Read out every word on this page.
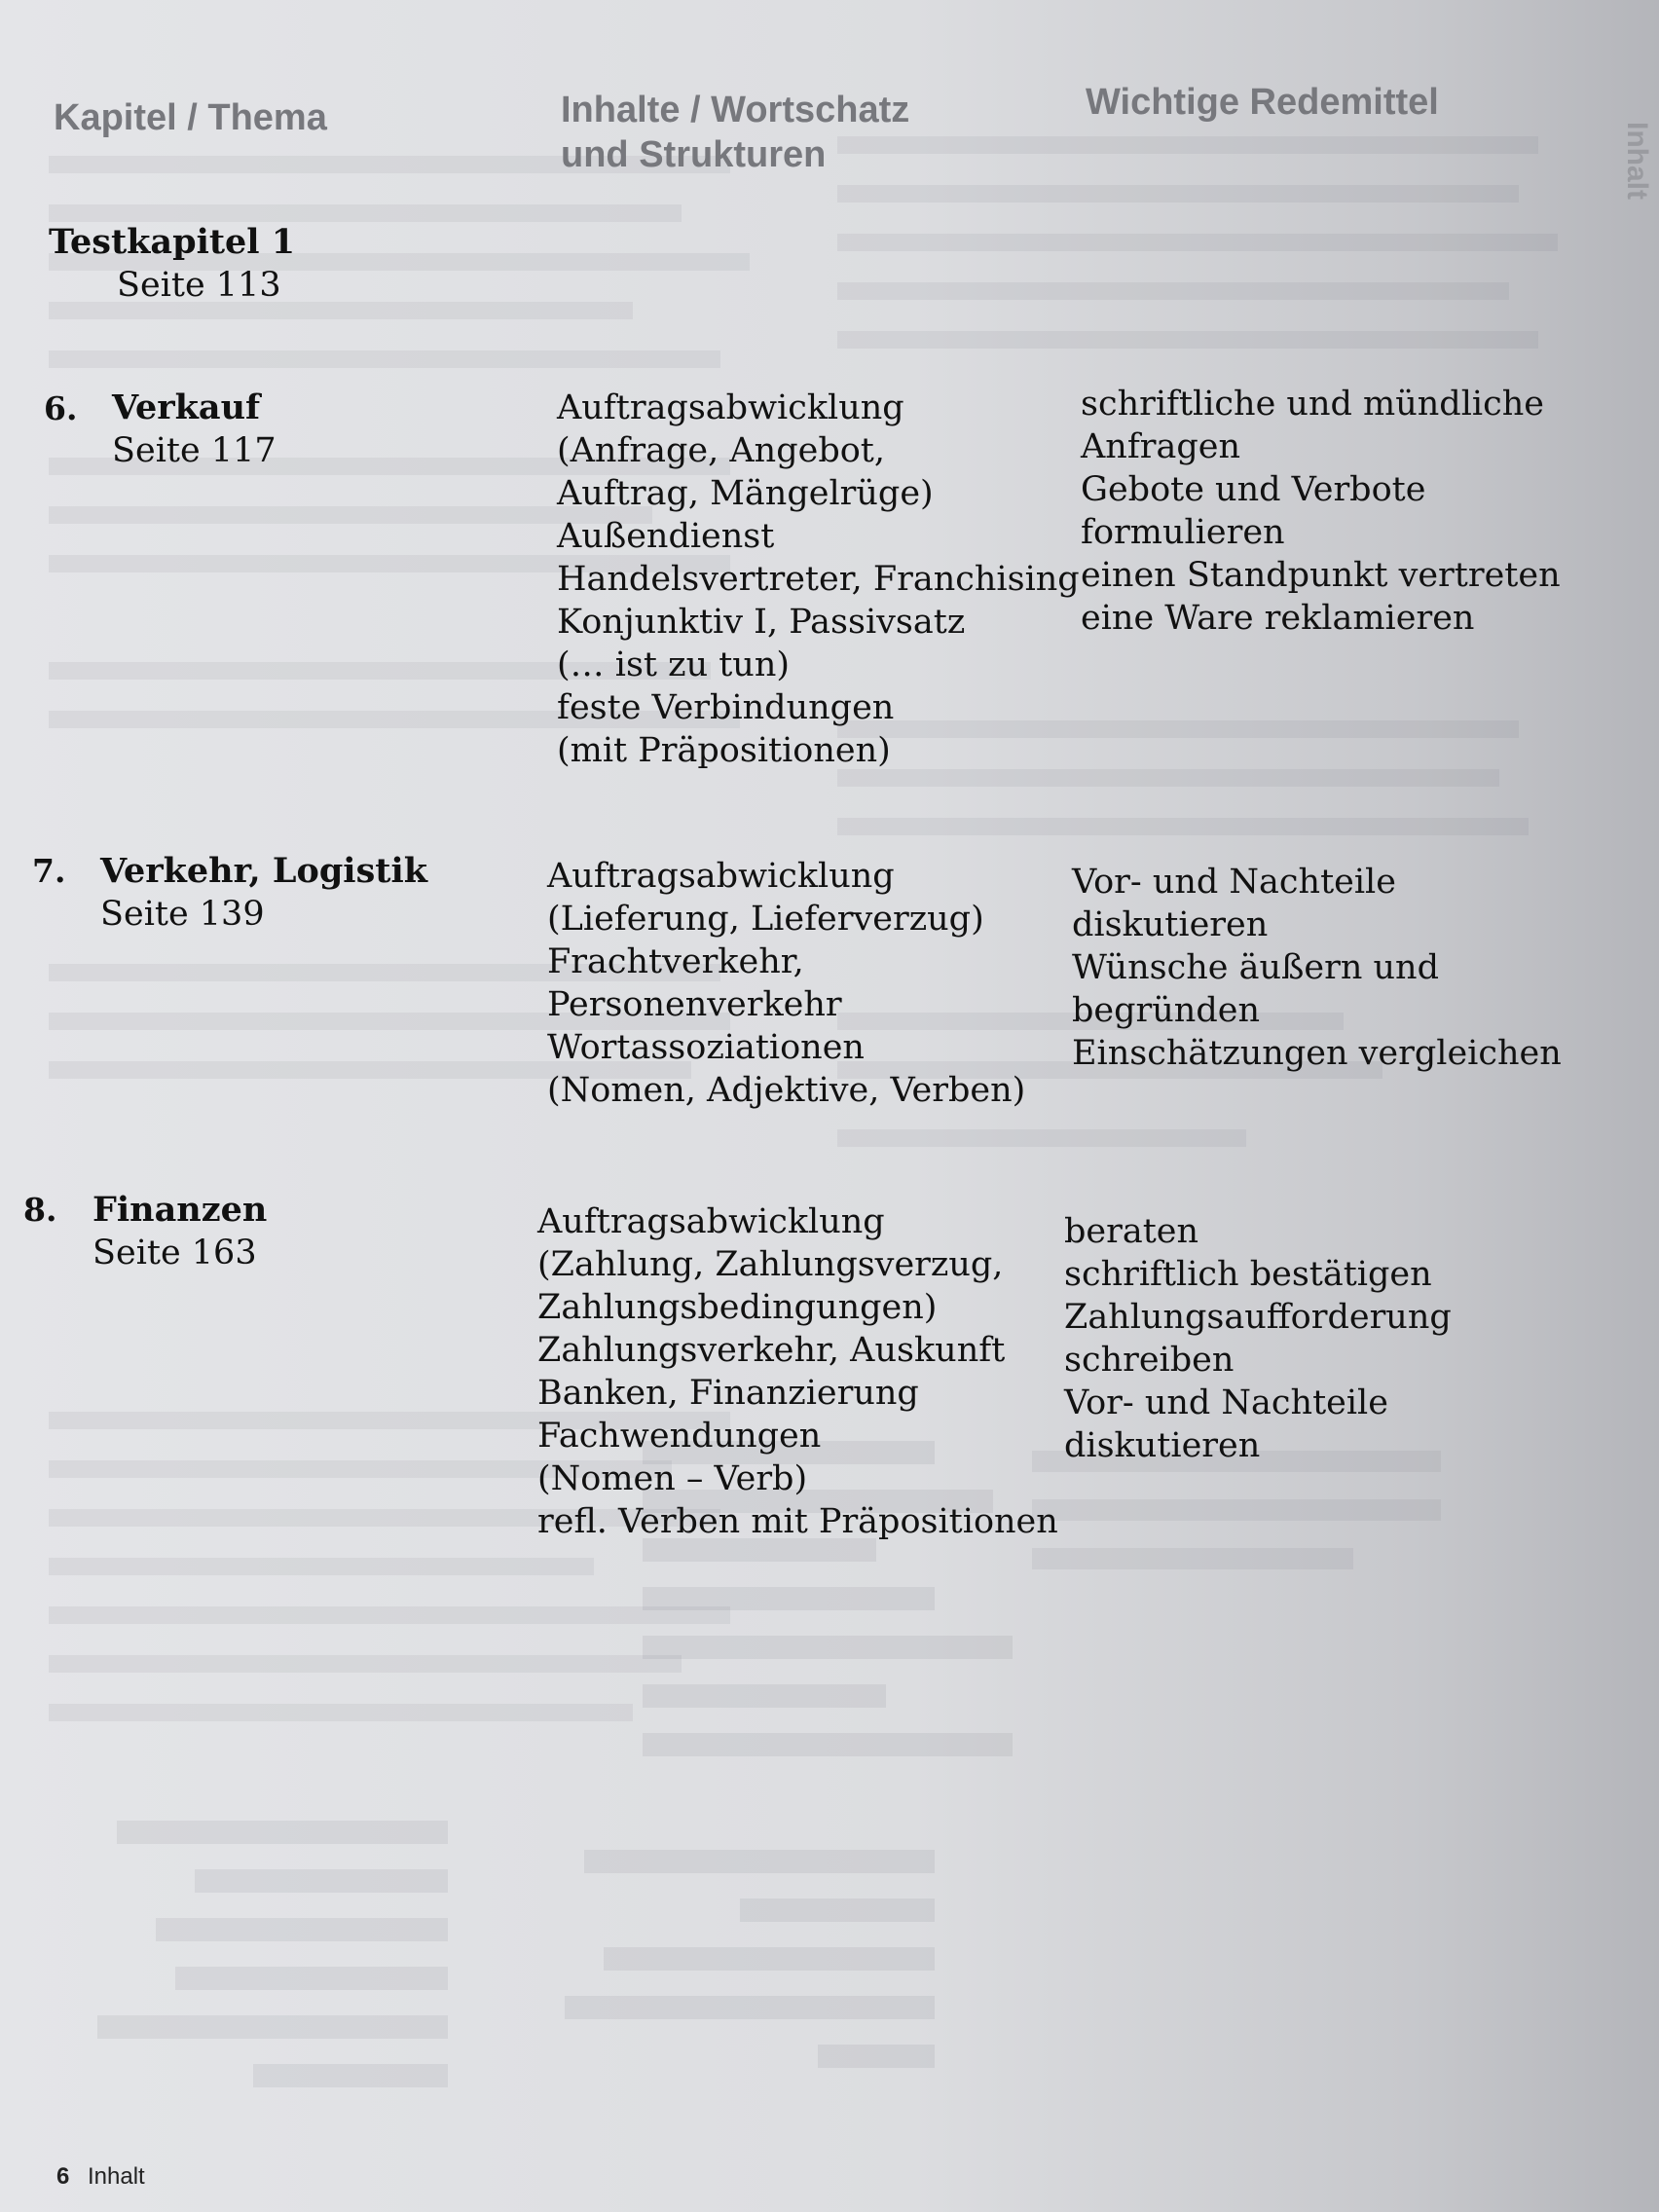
Kapitel / Thema	Inhalte / Wortschatz
und Strukturen
Wichtige Redemittel
Inhalt
Testkapitel 1
Seite 113
6. Verkauf
Seite 117
Auftragsabwicklung
(Anfrage, Angebot,
Auftrag, Mängelrüge)
Außendienst
Handelsvertreter, Franchising
Konjunktiv I, Passivsatz
(… ist zu tun)
feste Verbindungen
(mit Präpositionen)
schriftliche und mündliche
Anfragen
Gebote und Verbote
formulieren
einen Standpunkt vertreten
eine Ware reklamieren
7. Verkehr, Logistik
Seite 139
Auftragsabwicklung
(Lieferung, Lieferverzug)
Frachtverkehr,
Personenverkehr
Wortassoziationen
(Nomen, Adjektive, Verben)
Vor- und Nachteile
diskutieren
Wünsche äußern und
begründen
Einschätzungen vergleichen
8. Finanzen
Seite 163
Auftragsabwicklung
(Zahlung, Zahlungsverzug,
Zahlungsbedingungen)
Zahlungsverkehr, Auskunft
Banken, Finanzierung
Fachwendungen
(Nomen – Verb)
refl. Verben mit Präpositionen
beraten
schriftlich bestätigen
Zahlungsaufforderung
schreiben
Vor- und Nachteile
diskutieren
6 Inhalt
